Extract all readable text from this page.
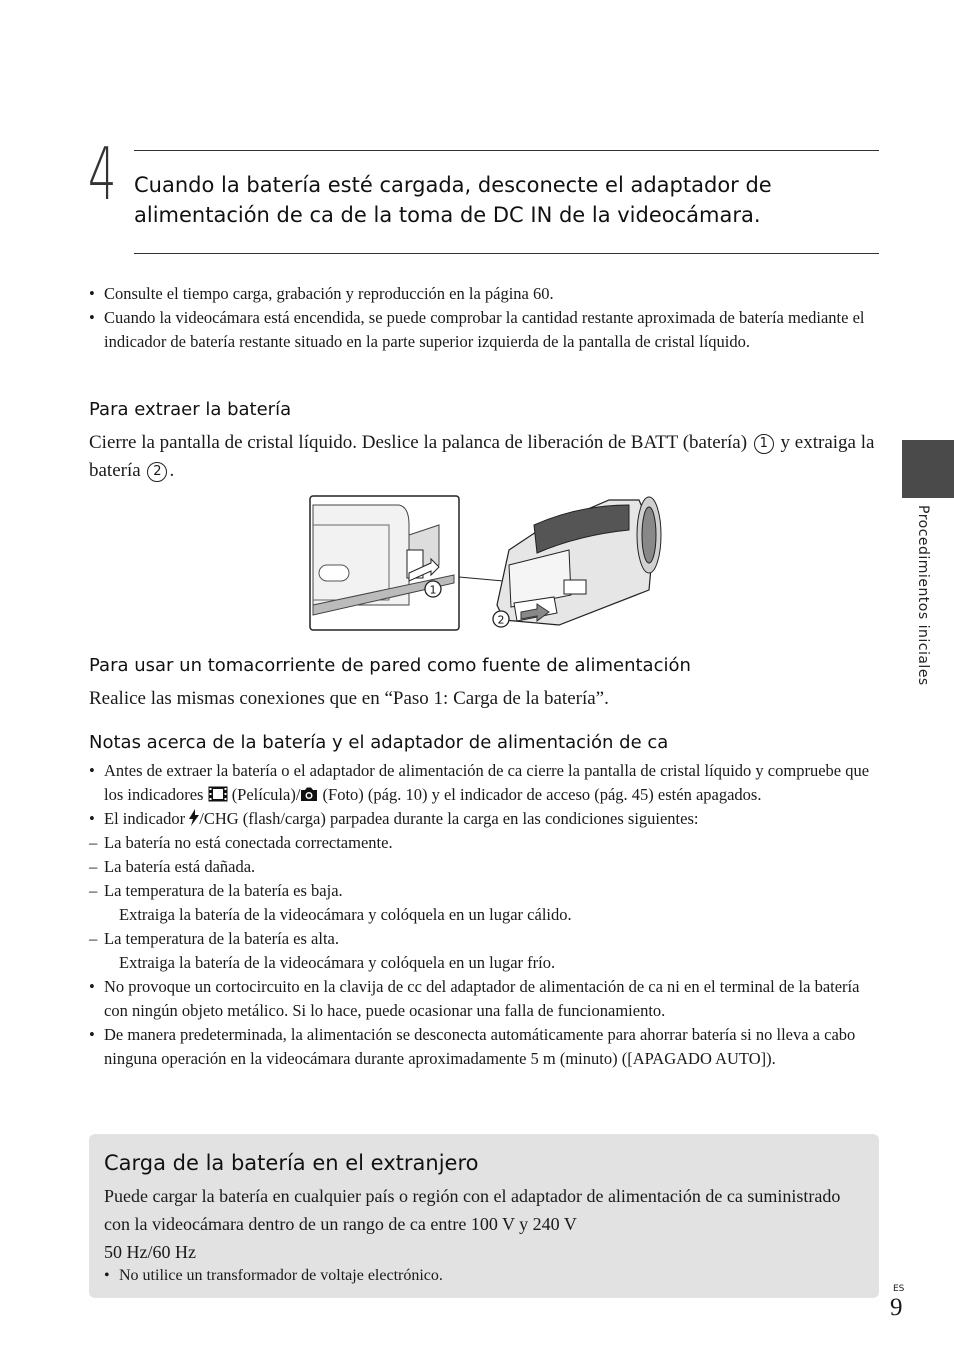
4 Cuando la batería esté cargada, desconecte el adaptador de alimentación de ca de la toma de DC IN de la videocámara.
• Consulte el tiempo carga, grabación y reproducción en la página 60.
• Cuando la videocámara está encendida, se puede comprobar la cantidad restante aproximada de batería mediante el indicador de batería restante situado en la parte superior izquierda de la pantalla de cristal líquido.
Para extraer la batería
Cierre la pantalla de cristal líquido. Deslice la palanca de liberación de BATT (batería) 1 y extraiga la batería 2 .
1
2
Para usar un tomacorriente de pared como fuente de alimentación
Realice las mismas conexiones que en “Paso 1: Carga de la batería”.
Notas acerca de la batería y el adaptador de alimentación de ca
• Antes de extraer la batería o el adaptador de alimentación de ca cierre la pantalla de cristal líquido y compruebe que los indicadores (Película)/ (Foto) (pág. 10) y el indicador de acceso (pág. 45) estén apagados.
• El indicador /CHG (flash/carga) parpadea durante la carga en las condiciones siguientes:
– La batería no está conectada correctamente.
– La batería está dañada.
– La temperatura de la batería es baja.
Extraiga la batería de la videocámara y colóquela en un lugar cálido.
– La temperatura de la batería es alta.
Extraiga la batería de la videocámara y colóquela en un lugar frío.
• No provoque un cortocircuito en la clavija de cc del adaptador de alimentación de ca ni en el terminal de la batería con ningún objeto metálico. Si lo hace, puede ocasionar una falla de funcionamiento.
• De manera predeterminada, la alimentación se desconecta automáticamente para ahorrar batería si no lleva a cabo ninguna operación en la videocámara durante aproximadamente 5 m (minuto) ([APAGADO AUTO]).
Carga de la batería en el extranjero
Puede cargar la batería en cualquier país o región con el adaptador de alimentación de ca suministrado con la videocámara dentro de un rango de ca entre 100 V y 240 V
50 Hz/60 Hz
• No utilice un transformador de voltaje electrónico.
Procedimientos iniciales
ES
9
